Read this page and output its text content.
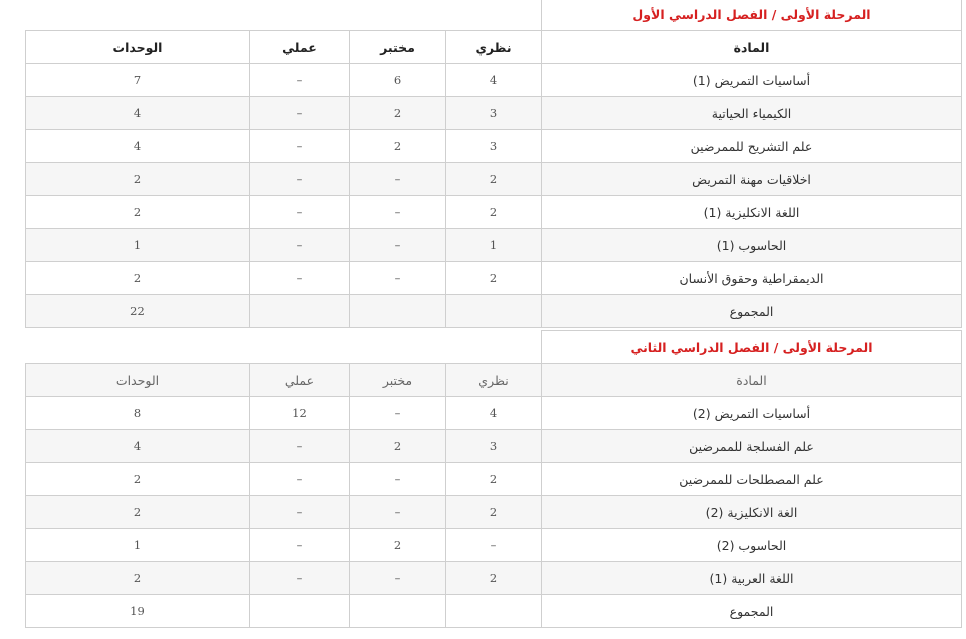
المرحلة الأولى / الفصل الدراسي الأول				
المادة	نظري	مختبر	عملي	الوحدات
أساسيات التمريض (1)	4	6	–	7
الكيمياء الحياتية	3	2	–	4
علم التشريح للممرضين	3	2	–	4
اخلاقيات مهنة التمريض	2	–	–	2
اللغة الانكليزية (1)	2	–	–	2
الحاسوب (1)	1	–	–	1
الديمقراطية وحقوق الأنسان	2	–	–	2
المجموع				22
المرحلة الأولى / الفصل الدراسي الثاني				
المادة	نظري	مختبر	عملي	الوحدات
أساسيات التمريض (2)	4	–	12	8
علم الفسلجة للممرضين	3	2	–	4
علم المصطلحات للممرضين	2	–	–	2
الغة الانكليزية (2)	2	–	–	2
الحاسوب (2)	–	2	–	1
اللغة العربية (1)	2	–	–	2
المجموع				19
